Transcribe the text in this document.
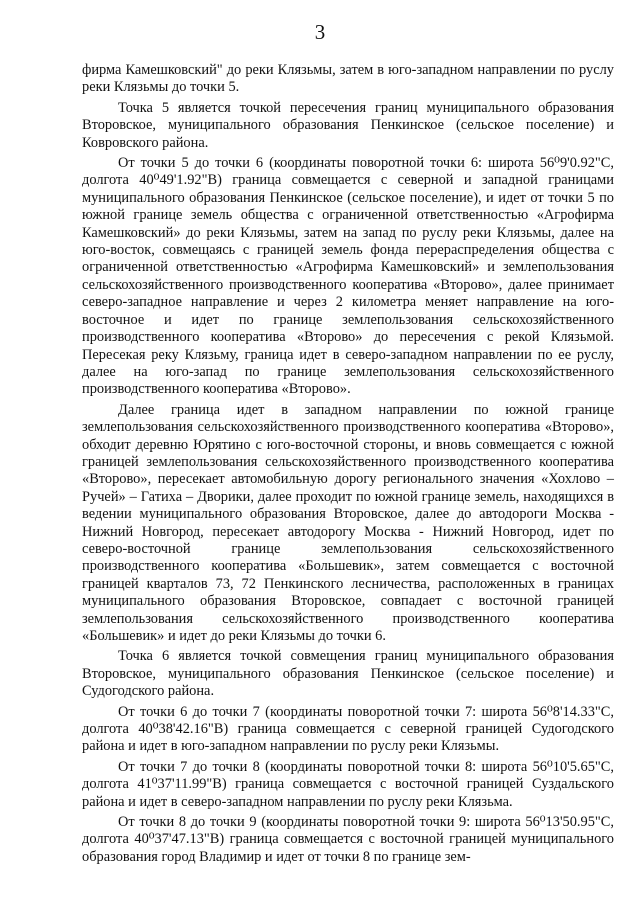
3

фирма Камешковский" до реки Клязьмы, затем в юго-западном направлении по руслу реки Клязьмы до точки 5.

Точка 5 является точкой пересечения границ муниципального образования Второвское, муниципального образования Пенкинское (сельское поселение) и Ковровского района.

От точки 5 до точки 6 (координаты поворотной точки 6: широта 56⁰9'0.92"С, долгота 40⁰49'1.92"В) граница совмещается с северной и западной границами муниципального образования Пенкинское (сельское поселение), и идет от точки 5 по южной границе земель общества с ограниченной ответственностью «Агрофирма Камешковский» до реки Клязьмы, затем на запад по руслу реки Клязьмы, далее на юго-восток, совмещаясь с границей земель фонда перераспределения общества с ограниченной ответственностью «Агрофирма Камешковский» и землепользования сельскохозяйственного производственного кооператива «Второво», далее принимает северо-западное направление и через 2 километра меняет направление на юго-восточное и идет по границе землепользования сельскохозяйственного производственного кооператива «Второво» до пересечения с рекой Клязьмой. Пересекая реку Клязьму, граница идет в северо-западном направлении по ее руслу, далее на юго-запад по границе землепользования сельскохозяйственного производственного кооператива «Второво».

Далее граница идет в западном направлении по южной границе землепользования сельскохозяйственного производственного кооператива «Второво», обходит деревню Юрятино с юго-восточной стороны, и вновь совмещается с южной границей землепользования сельскохозяйственного производственного кооператива «Второво», пересекает автомобильную дорогу регионального значения «Хохлово – Ручей» – Гатиха – Дворики, далее проходит по южной границе земель, находящихся в ведении муниципального образования Второвское, далее до автодороги Москва - Нижний Новгород, пересекает автодорогу Москва - Нижний Новгород, идет по северо-восточной границе землепользования сельскохозяйственного производственного кооператива «Большевик», затем совмещается с восточной границей кварталов 73, 72 Пенкинского лесничества, расположенных в границах муниципального образования Второвское, совпадает с восточной границей землепользования сельскохозяйственного производственного кооператива «Большевик» и идет до реки Клязьмы до точки 6.

Точка 6 является точкой совмещения границ муниципального образования Второвское, муниципального образования Пенкинское (сельское поселение) и Судогодского района.

От точки 6 до точки 7 (координаты поворотной точки 7: широта 56⁰8'14.33"С, долгота 40⁰38'42.16"В) граница совмещается с северной границей Судогодского района и идет в юго-западном направлении по руслу реки Клязьмы.

От точки 7 до точки 8 (координаты поворотной точки 8: широта 56⁰10'5.65"С, долгота 41⁰37'11.99"В) граница совмещается с восточной границей Суздальского района и идет в северо-западном направлении по руслу реки Клязьма.

От точки 8 до точки 9 (координаты поворотной точки 9: широта 56⁰13'50.95"С, долгота 40⁰37'47.13"В) граница совмещается с восточной границей муниципального образования город Владимир и идет от точки 8 по границе зем-
